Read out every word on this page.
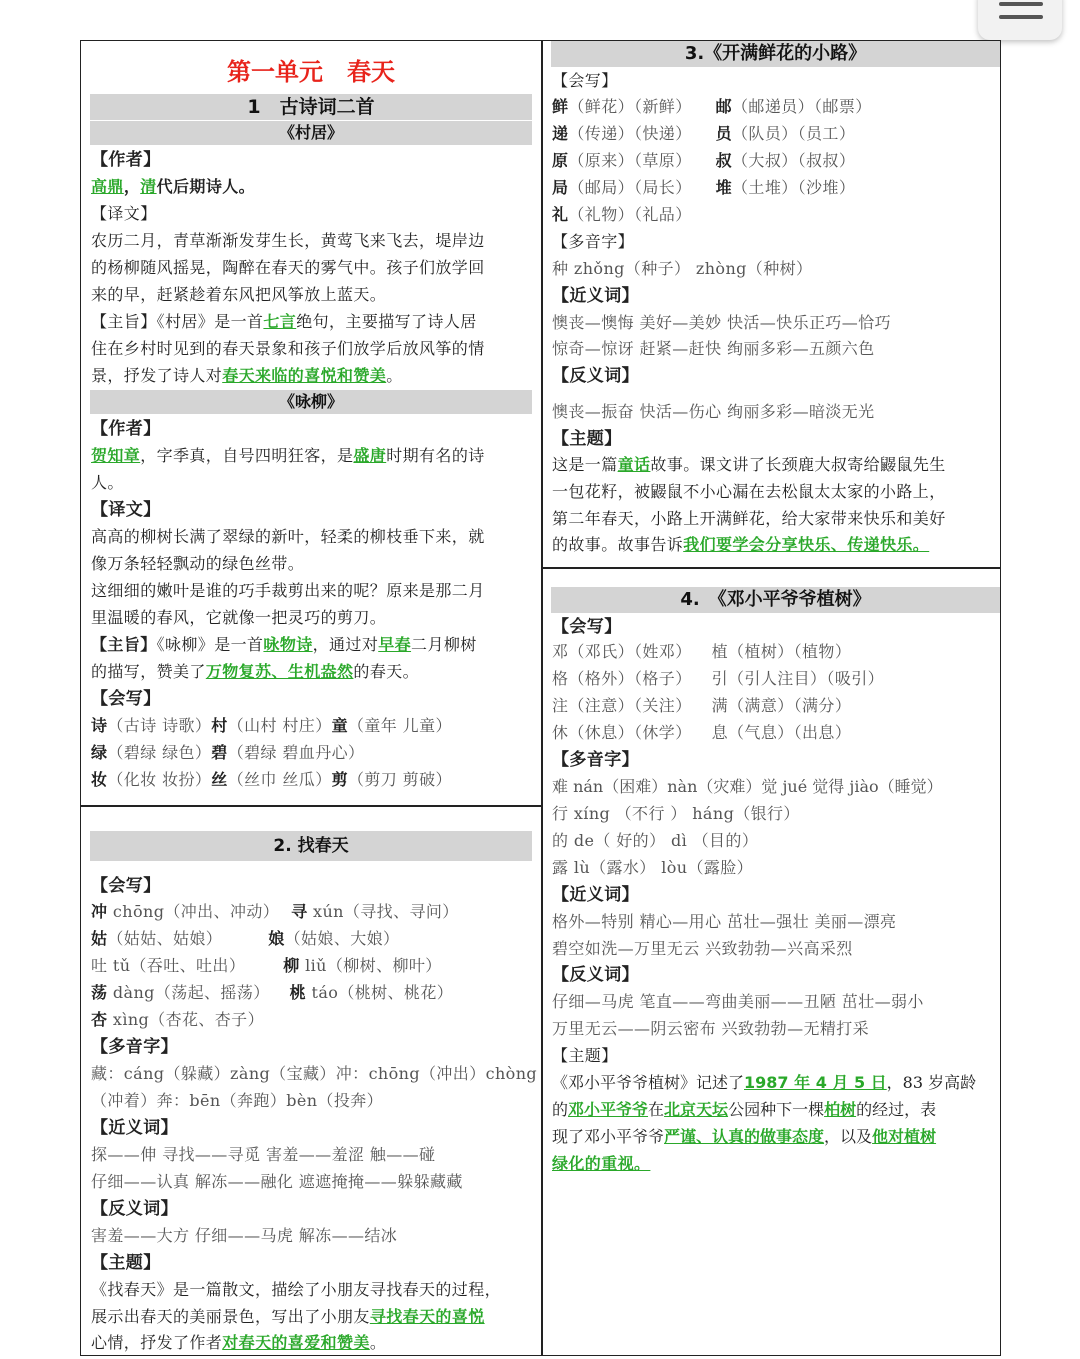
第一单元　春天
1　古诗词二首
《村居》
【作者】
高鼎，清代后期诗人。
【译文】
农历二月，青草渐渐发芽生长，黄莺飞来飞去，堤岸边
的杨柳随风摇晃，陶醉在春天的雾气中。孩子们放学回
来的早，赶紧趁着东风把风筝放上蓝天。
【主旨】《村居》是一首七言绝句，主要描写了诗人居
住在乡村时见到的春天景象和孩子们放学后放风筝的情
景，抒发了诗人对春天来临的喜悦和赞美。
《咏柳》
【作者】
贺知章，字季真，自号四明狂客，是盛唐时期有名的诗
人。
【译文】
高高的柳树长满了翠绿的新叶，轻柔的柳枝垂下来，就
像万条轻轻飘动的绿色丝带。
这细细的嫩叶是谁的巧手裁剪出来的呢？原来是那二月
里温暖的春风，它就像一把灵巧的剪刀。
【主旨】《咏柳》是一首咏物诗，通过对早春二月柳树
的描写，赞美了万物复苏、生机盎然的春天。
【会写】
诗（古诗 诗歌）村（山村 村庄）童（童年 儿童）
绿（碧绿 绿色）碧（碧绿 碧血丹心）
妆（化妆 妆扮）丝（丝巾 丝瓜）剪（剪刀 剪破）
2. 找春天
【会写】
冲 chōng（冲出、冲动） 寻 xún（寻找、寻问）
姑（姑姑、姑娘）	娘（姑娘、大娘）
吐 tǔ（吞吐、吐出） 柳 liǔ（柳树、柳叶）
荡 dàng（荡起、摇荡） 桃 táo（桃树、桃花）
杏 xìng（杏花、杏子）
【多音字】
藏：cáng（躲藏）zàng（宝藏）冲：chōng（冲出）chòng
（冲着）奔：bēn（奔跑）bèn（投奔）
【近义词】
探——伸 寻找——寻觅 害羞——羞涩 触——碰
仔细——认真 解冻——融化 遮遮掩掩——躲躲藏藏
【反义词】
害羞——大方 仔细——马虎 解冻——结冰
【主题】
《找春天》是一篇散文，描绘了小朋友寻找春天的过程，
展示出春天的美丽景色，写出了小朋友寻找春天的喜悦
心情，抒发了作者对春天的喜爱和赞美。
3.《开满鲜花的小路》
【会写】
鲜（鲜花）（新鲜） 邮（邮递员）（邮票）
递（传递）（快递） 员（队员）（员工）
原（原来）（草原） 叔（大叔）（叔叔）
局（邮局）（局长） 堆（土堆）（沙堆）
礼（礼物）（礼品）
【多音字】
种 zhǒng（种子） zhòng（种树）
【近义词】
懊丧—懊悔 美好—美妙 快活—快乐正巧—恰巧
惊奇—惊讶 赶紧—赶快 绚丽多彩—五颜六色
【反义词】
懊丧—振奋 快活—伤心 绚丽多彩—暗淡无光
【主题】
这是一篇童话故事。课文讲了长颈鹿大叔寄给鼹鼠先生
一包花籽，被鼹鼠不小心漏在去松鼠太太家的小路上，
第二年春天，小路上开满鲜花，给大家带来快乐和美好
的故事。故事告诉我们要学会分享快乐、传递快乐。
4.　《邓小平爷爷植树》
【会写】
邓（邓氏）（姓邓） 植（植树）（植物）
格（格外）（格子） 引（引人注目）（吸引）
注（注意）（关注） 满（满意）（满分）
休（休息）（休学） 息（气息）（出息）
【多音字】
难 nán（困难）nàn（灾难）觉 jué 觉得 jiào（睡觉）
行 xíng （不行 ） háng（银行）
的 de（ 好的） dì （目的）
露 lù（露水） lòu（露脸）
【近义词】
格外—特别 精心—用心 茁壮—强壮 美丽—漂亮
碧空如洗—万里无云 兴致勃勃—兴高采烈
【反义词】
仔细—马虎 笔直——弯曲美丽——丑陋 茁壮—弱小
万里无云——阴云密布 兴致勃勃—无精打采
【主题】
《邓小平爷爷植树》记述了1987 年 4 月 5 日，83 岁高龄
的邓小平爷爷在北京天坛公园种下一棵柏树的经过，表
现了邓小平爷爷严谨、认真的做事态度，以及他对植树
绿化的重视。
